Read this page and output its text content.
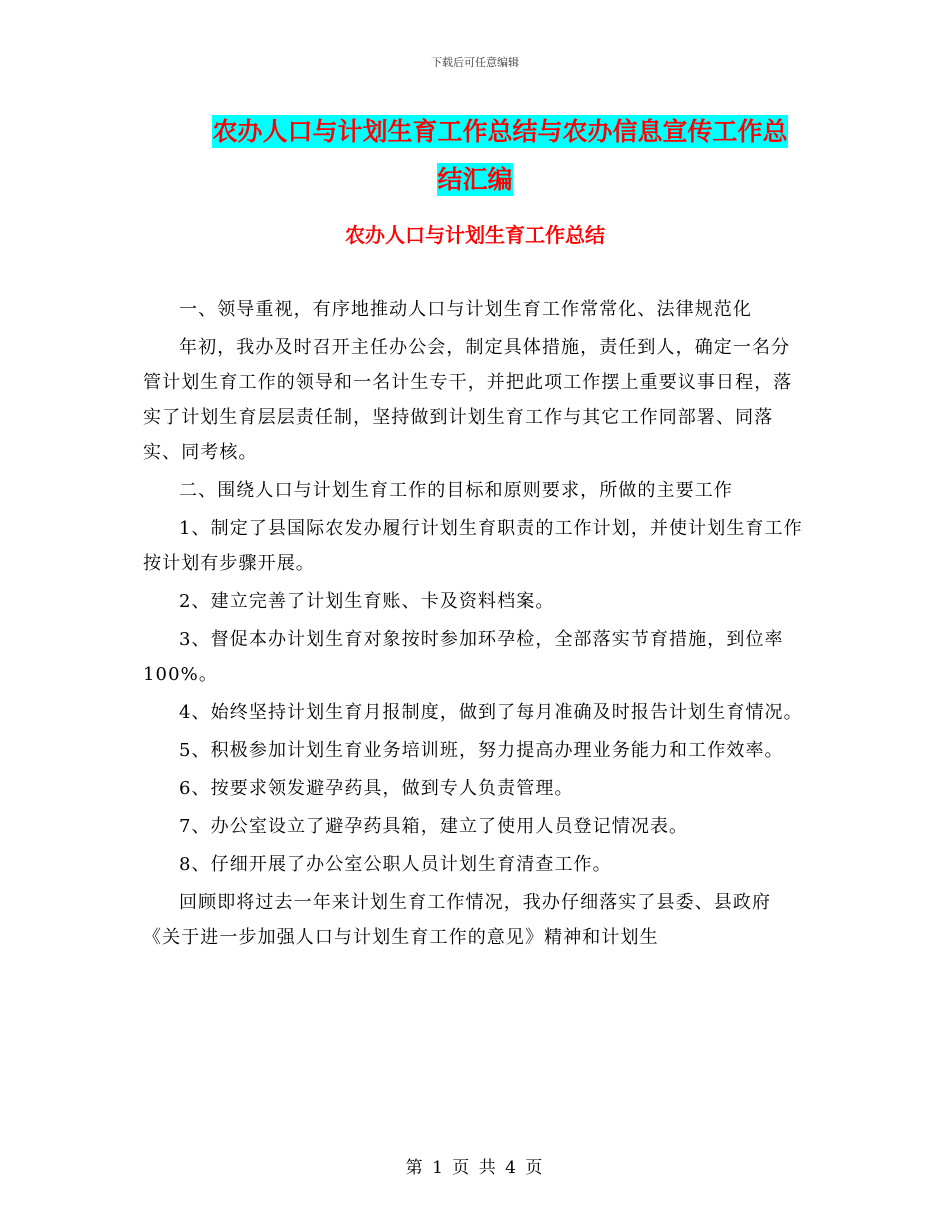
下载后可任意编辑
农办人口与计划生育工作总结与农办信息宣传工作总
结汇编
农办人口与计划生育工作总结

一、领导重视，有序地推动人口与计划生育工作常常化、法律规范化

年初，我办及时召开主任办公会，制定具体措施，责任到人，确定一名分管计划生育工作的领导和一名计生专干，并把此项工作摆上重要议事日程，落实了计划生育层层责任制，坚持做到计划生育工作与其它工作同部署、同落实、同考核。

二、围绕人口与计划生育工作的目标和原则要求，所做的主要工作

1、制定了县国际农发办履行计划生育职责的工作计划，并使计划生育工作按计划有步骤开展。

2、建立完善了计划生育账、卡及资料档案。

3、督促本办计划生育对象按时参加环孕检，全部落实节育措施，到位率100%。

4、始终坚持计划生育月报制度，做到了每月准确及时报告计划生育情况。

5、积极参加计划生育业务培训班，努力提高办理业务能力和工作效率。

6、按要求领发避孕药具，做到专人负责管理。

7、办公室设立了避孕药具箱，建立了使用人员登记情况表。

8、仔细开展了办公室公职人员计划生育清查工作。

回顾即将过去一年来计划生育工作情况，我办仔细落实了县委、县政府《关于进一步加强人口与计划生育工作的意见》精神和计划生

第 1 页 共 4 页
